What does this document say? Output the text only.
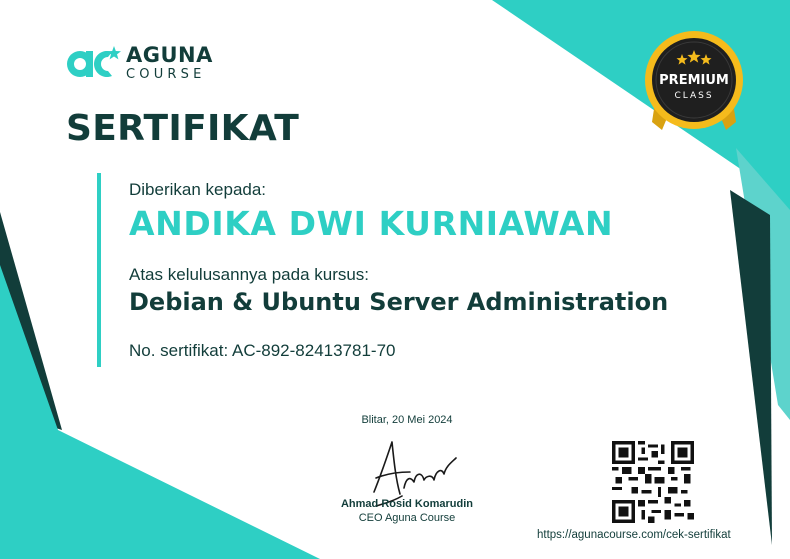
AGUNA
COURSE
SERTIFIKAT
Diberikan kepada:
ANDIKA DWI KURNIAWAN
Atas kelulusannya pada kursus:
Debian & Ubuntu Server Administration
No. sertifikat: AC-892-82413781-70
Blitar, 20 Mei 2024
Ahmad Rosid Komarudin
CEO Aguna Course
https://agunacourse.com/cek-sertifikat
PREMIUM
CLASS
